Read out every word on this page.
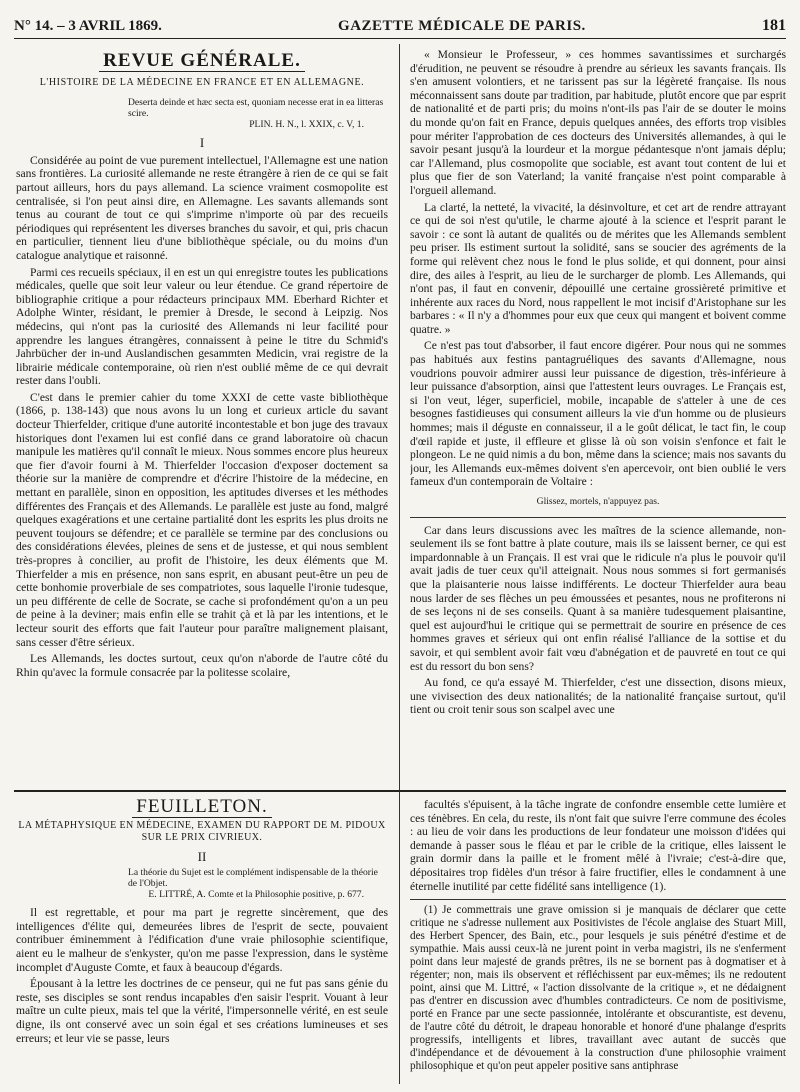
N° 14. – 3 AVRIL 1869.	GAZETTE MÉDICALE DE PARIS.	181
REVUE GÉNÉRALE.
L'HISTOIRE DE LA MÉDECINE EN FRANCE ET EN ALLEMAGNE.
Deserta deinde et hæc secta est, quoniam necesse erat in ea litteras scire.
PLIN. H. N., l. XXIX, c. V, 1.
I

Considérée au point de vue purement intellectuel, l'Allemagne est une nation sans frontières. La curiosité allemande ne reste étrangère à rien de ce qui se fait partout ailleurs, hors du pays allemand. La science vraiment cosmopolite est centralisée, si l'on peut ainsi dire, en Allemagne. Les savants allemands sont tenus au courant de tout ce qui s'imprime n'importe où par des recueils périodiques qui représentent les diverses branches du savoir, et qui, pris chacun en particulier, tiennent lieu d'une bibliothèque spéciale, ou du moins d'un catalogue analytique et raisonné.

Parmi ces recueils spéciaux, il en est un qui enregistre toutes les publications médicales, quelle que soit leur valeur ou leur étendue. Ce grand répertoire de bibliographie critique a pour rédacteurs principaux MM. Eberhard Richter et Adolphe Winter, résidant, le premier à Dresde, le second à Leipzig. Nos médecins, qui n'ont pas la curiosité des Allemands ni leur facilité pour apprendre les langues étrangères, connaissent à peine le titre du Schmid's Jahrbücher der in-und Auslandischen gesammten Medicin, vrai registre de la librairie médicale contemporaine, où rien n'est oublié même de ce qui devrait rester dans l'oubli.

C'est dans le premier cahier du tome XXXI de cette vaste bibliothèque (1866, p. 138-143) que nous avons lu un long et curieux article du savant docteur Thierfelder, critique d'une autorité incontestable et bon juge des travaux historiques dont l'examen lui est confié dans ce grand laboratoire où chacun manipule les matières qu'il connaît le mieux. Nous sommes encore plus heureux que fier d'avoir fourni à M. Thierfelder l'occasion d'exposer doctement sa théorie sur la manière de comprendre et d'écrire l'histoire de la médecine, en mettant en parallèle, sinon en opposition, les aptitudes diverses et les méthodes différentes des Français et des Allemands. Le parallèle est juste au fond, malgré quelques exagérations et une certaine partialité dont les esprits les plus droits ne peuvent toujours se défendre; et ce parallèle se termine par des conclusions ou des considérations élevées, pleines de sens et de justesse, et qui nous semblent très-propres à concilier, au profit de l'histoire, les deux éléments que M. Thierfelder a mis en présence, non sans esprit, en abusant peut-être un peu de cette bonhomie proverbiale de ses compatriotes, sous laquelle l'ironie tudesque, un peu différente de celle de Socrate, se cache si profondément qu'on a un peu de peine à la deviner; mais enfin elle se trahit çà et là par les intentions, et le lecteur sourit des efforts que fait l'auteur pour paraître malignement plaisant, sans cesser d'être sérieux.

Les Allemands, les doctes surtout, ceux qu'on n'aborde de l'autre côté du Rhin qu'avec la formule consacrée par la politesse scolaire,

« Monsieur le Professeur, » ces hommes savantissimes et surchargés d'érudition, ne peuvent se résoudre à prendre au sérieux les savants français. Ils s'en amusent volontiers, et ne tarissent pas sur la légèreté française. Ils nous méconnaissent sans doute par tradition, par habitude, plutôt encore que par esprit de nationalité et de parti pris; du moins n'ont-ils pas l'air de se douter le moins du monde qu'on fait en France, depuis quelques années, des efforts trop visibles pour mériter l'approbation de ces docteurs des Universités allemandes, à qui le savoir pesant jusqu'à la lourdeur et la morgue pédantesque n'ont jamais déplu; car l'Allemand, plus cosmopolite que sociable, est avant tout content de lui et plus que fier de son Vaterland; la vanité française n'est point comparable à l'orgueil allemand.

La clarté, la netteté, la vivacité, la désinvolture, et cet art de rendre attrayant ce qui de soi n'est qu'utile, le charme ajouté à la science et l'esprit parant le savoir : ce sont là autant de qualités ou de mérites que les Allemands semblent peu priser. Ils estiment surtout la solidité, sans se soucier des agréments de la forme qui relèvent chez nous le fond le plus solide, et qui donnent, pour ainsi dire, des ailes à l'esprit, au lieu de le surcharger de plomb. Les Allemands, qui n'ont pas, il faut en convenir, dépouillé une certaine grossièreté primitive et inhérente aux races du Nord, nous rappellent le mot incisif d'Aristophane sur les barbares : « Il n'y a d'hommes pour eux que ceux qui mangent et boivent comme quatre. »

Ce n'est pas tout d'absorber, il faut encore digérer. Pour nous qui ne sommes pas habitués aux festins pantagruéliques des savants d'Allemagne, nous voudrions pouvoir admirer aussi leur puissance de digestion, très-inférieure à leur puissance d'absorption, ainsi que l'attestent leurs ouvrages. Le Français est, si l'on veut, léger, superficiel, mobile, incapable de s'atteler à une de ces besognes fastidieuses qui consument ailleurs la vie d'un homme ou de plusieurs hommes; mais il déguste en connaisseur, il a le goût délicat, le tact fin, le coup d'œil rapide et juste, il effleure et glisse là où son voisin s'enfonce et fait le plongeon. Le ne quid nimis a du bon, même dans la science; mais nos savants du jour, les Allemands eux-mêmes doivent s'en apercevoir, ont bien oublié le vers fameux d'un contemporain de Voltaire :

Glissez, mortels, n'appuyez pas.

Car dans leurs discussions avec les maîtres de la science allemande, non-seulement ils se font battre à plate couture, mais ils se laissent berner, ce qui est impardonnable à un Français. Il est vrai que le ridicule n'a plus le pouvoir qu'il avait jadis de tuer ceux qu'il atteignait. Nous nous sommes si fort germanisés que la plaisanterie nous laisse indifférents. Le docteur Thierfelder aura beau nous larder de ses flèches un peu émoussées et pesantes, nous ne profiterons ni de ses leçons ni de ses conseils. Quant à sa manière tudesquement plaisantine, quel est aujourd'hui le critique qui se permettrait de sourire en présence de ces hommes graves et sérieux qui ont enfin réalisé l'alliance de la sottise et du savoir, et qui semblent avoir fait vœu d'abnégation et de pauvreté en tout ce qui est du ressort du bon sens?

Au fond, ce qu'a essayé M. Thierfelder, c'est une dissection, disons mieux, une vivisection des deux nationalités; de la nationalité française surtout, qu'il tient ou croit tenir sous son scalpel avec une

FEUILLETON.
LA MÉTAPHYSIQUE EN MÉDECINE, EXAMEN DU RAPPORT DE M. PIDOUX SUR LE PRIX CIVRIEUX.
II
La théorie du Sujet est le complément indispensable de la théorie de l'Objet.
E. LITTRÉ, A. Comte et la Philosophie positive, p. 677.

Il est regrettable, et pour ma part je regrette sincèrement, que des intelligences d'élite qui, demeurées libres de l'esprit de secte, pouvaient contribuer éminemment à l'édification d'une vraie philosophie scientifique, aient eu le malheur de s'enkyster, qu'on me passe l'expression, dans le système incomplet d'Auguste Comte, et faux à beaucoup d'égards.

Épousant à la lettre les doctrines de ce penseur, qui ne fut pas sans génie du reste, ses disciples se sont rendus incapables d'en saisir l'esprit. Vouant à leur maître un culte pieux, mais tel que la vérité, l'impersonnelle vérité, en est seule digne, ils ont conservé avec un soin égal et ses créations lumineuses et ses erreurs; et leur vie se passe, leurs

facultés s'épuisent, à la tâche ingrate de confondre ensemble cette lumière et ces ténèbres. En cela, du reste, ils n'ont fait que suivre l'erre commune des écoles : au lieu de voir dans les productions de leur fondateur une moisson d'idées qui demande à passer sous le fléau et par le crible de la critique, elles laissent le grain dormir dans la paille et le froment mêlé à l'ivraie; c'est-à-dire que, dépositaires trop fidèles d'un trésor à faire fructifier, elles le condamnent à une éternelle inutilité par cette fidélité sans intelligence (1).

(1) Je commettrais une grave omission si je manquais de déclarer que cette critique ne s'adresse nullement aux Positivistes de l'école anglaise des Stuart Mill, des Herbert Spencer, des Bain, etc., pour lesquels je suis pénétré d'estime et de sympathie. Mais aussi ceux-là ne jurent point in verba magistri, ils ne s'enferment point dans leur majesté de grands prêtres, ils ne se bornent pas à dogmatiser et à régenter; non, mais ils observent et réfléchissent par eux-mêmes; ils ne redoutent point, ainsi que M. Littré, « l'action dissolvante de la critique », et ne dédaignent pas d'entrer en discussion avec d'humbles contradicteurs. Ce nom de positivisme, porté en France par une secte passionnée, intolérante et obscurantiste, est devenu, de l'autre côté du détroit, le drapeau honorable et honoré d'une phalange d'esprits progressifs, intelligents et libres, travaillant avec autant de succès que d'indépendance et de dévouement à la construction d'une philosophie vraiment philosophique et qu'on peut appeler positive sans antiphrase
